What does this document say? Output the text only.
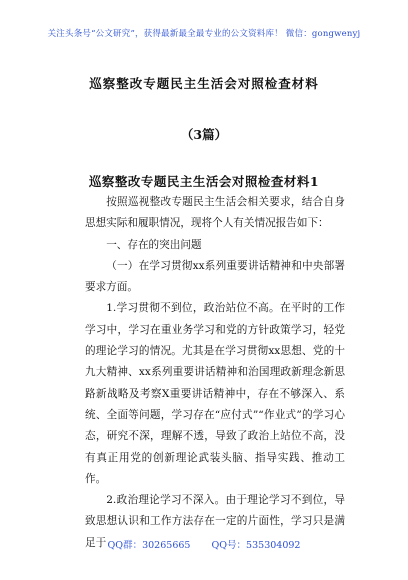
关注头条号“公文研究”，获得最新最全最专业的公文资料库！ 微信：gongwenyj
巡察整改专题民主生活会对照检查材料
（3篇）
巡察整改专题民主生活会对照检查材料1

按照巡视整改专题民主生活会相关要求，结合自身思想实际和履职情况，现将个人有关情况报告如下：

一、存在的突出问题

（一）在学习贯彻xx系列重要讲话精神和中央部署要求方面。

1.学习贯彻不到位，政治站位不高。在平时的工作学习中，学习在重业务学习和党的方针政策学习，轻党的理论学习的情况。尤其是在学习贯彻xx思想、党的十九大精神、xx系列重要讲话精神和治国理政新理念新思路新战略及考察X重要讲话精神中，存在不够深入、系统、全面等问题，学习存在“应付式”“作业式”的学习心态，研究不深，理解不透，导致了政治上站位不高，没有真正用党的创新理论武装头脑、指导实践、推动工作。

2.政治理论学习不深入。由于理论学习不到位，导致思想认识和工作方法存在一定的片面性，学习只是满足于 QQ群：30265665 QQ号：535304092
